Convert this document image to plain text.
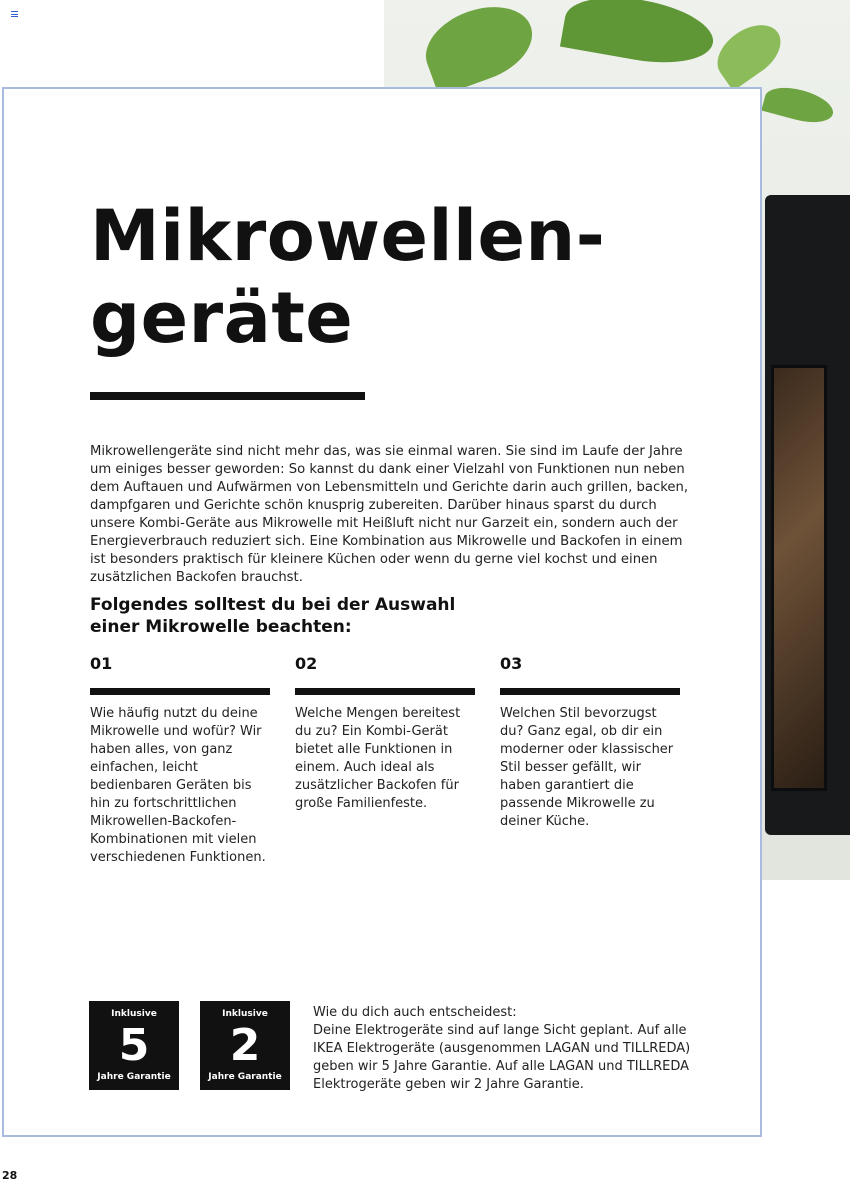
Mikrowellen-
geräte

Mikrowellengeräte sind nicht mehr das, was sie einmal waren. Sie sind im Laufe der Jahre um einiges besser geworden: So kannst du dank einer Vielzahl von Funktionen nun neben dem Auftauen und Aufwärmen von Lebensmitteln und Gerichte darin auch grillen, backen, dampfgaren und Gerichte schön knusprig zubereiten. Darüber hinaus sparst du durch unsere Kombi-Geräte aus Mikrowelle mit Heißluft nicht nur Garzeit ein, sondern auch der Energieverbrauch reduziert sich. Eine Kombination aus Mikrowelle und Backofen in einem ist besonders praktisch für kleinere Küchen oder wenn du gerne viel kochst und einen zusätzlichen Backofen brauchst.

Folgendes solltest du bei der Auswahl einer Mikrowelle beachten:

01

Wie häufig nutzt du deine Mikrowelle und wofür? Wir haben alles, von ganz einfachen, leicht bedienbaren Geräten bis hin zu fortschrittlichen Mikrowellen-Backofen-Kombinationen mit vielen verschiedenen Funktionen.

02

Welche Mengen bereitest du zu? Ein Kombi-Gerät bietet alle Funktionen in einem. Auch ideal als zusätzlicher Backofen für große Familienfeste.

03

Welchen Stil bevorzugst du? Ganz egal, ob dir ein moderner oder klassischer Stil besser gefällt, wir haben garantiert die passende Mikrowelle zu deiner Küche.

Inklusive
5
Jahre Garantie
Inklusive
2
Jahre Garantie

Wie du dich auch entscheidest:
Deine Elektrogeräte sind auf lange Sicht geplant. Auf alle IKEA Elektrogeräte (ausgenommen LAGAN und TILLREDA) geben wir 5 Jahre Garantie. Auf alle LAGAN und TILLREDA Elektrogeräte geben wir 2 Jahre Garantie.

28
